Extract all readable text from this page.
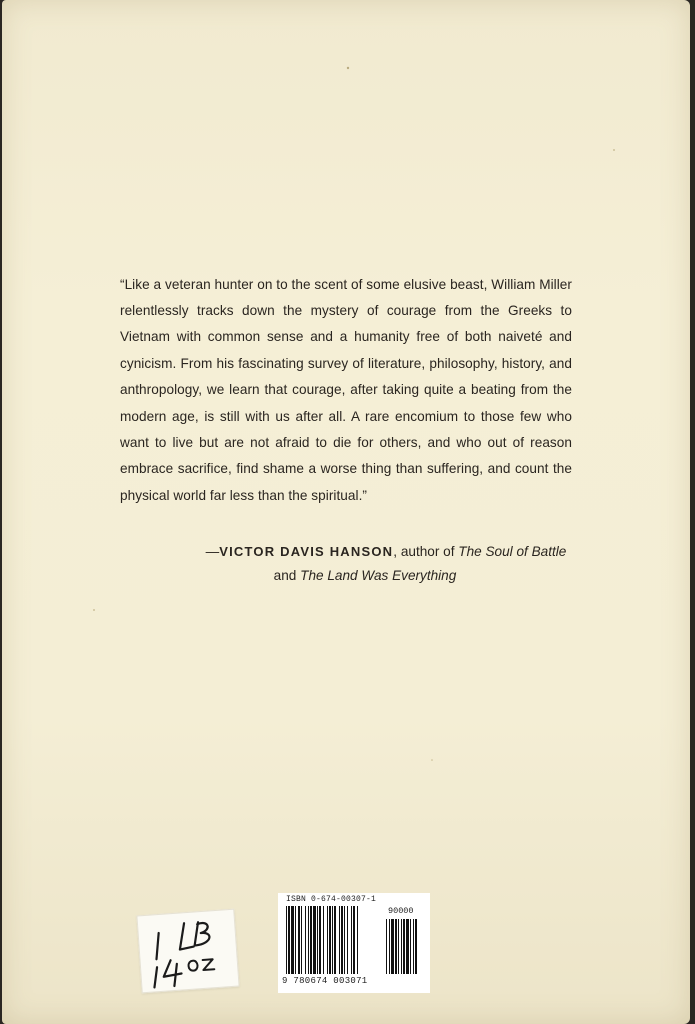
“Like a veteran hunter on to the scent of some elusive beast, William Miller relentlessly tracks down the mystery of courage from the Greeks to Vietnam with common sense and a humanity free of both naiveté and cynicism. From his fascinating survey of literature, philosophy, history, and anthropology, we learn that courage, after taking quite a beating from the modern age, is still with us after all. A rare encomium to those few who want to live but are not afraid to die for others, and who out of reason embrace sacrifice, find shame a worse thing than suffering, and count the physical world far less than the spiritual.”

—VICTOR DAVIS HANSON, author of The Soul of Battle
and The Land Was Everything
ISBN 0-674-00307-1
90000
9 780674 003071
